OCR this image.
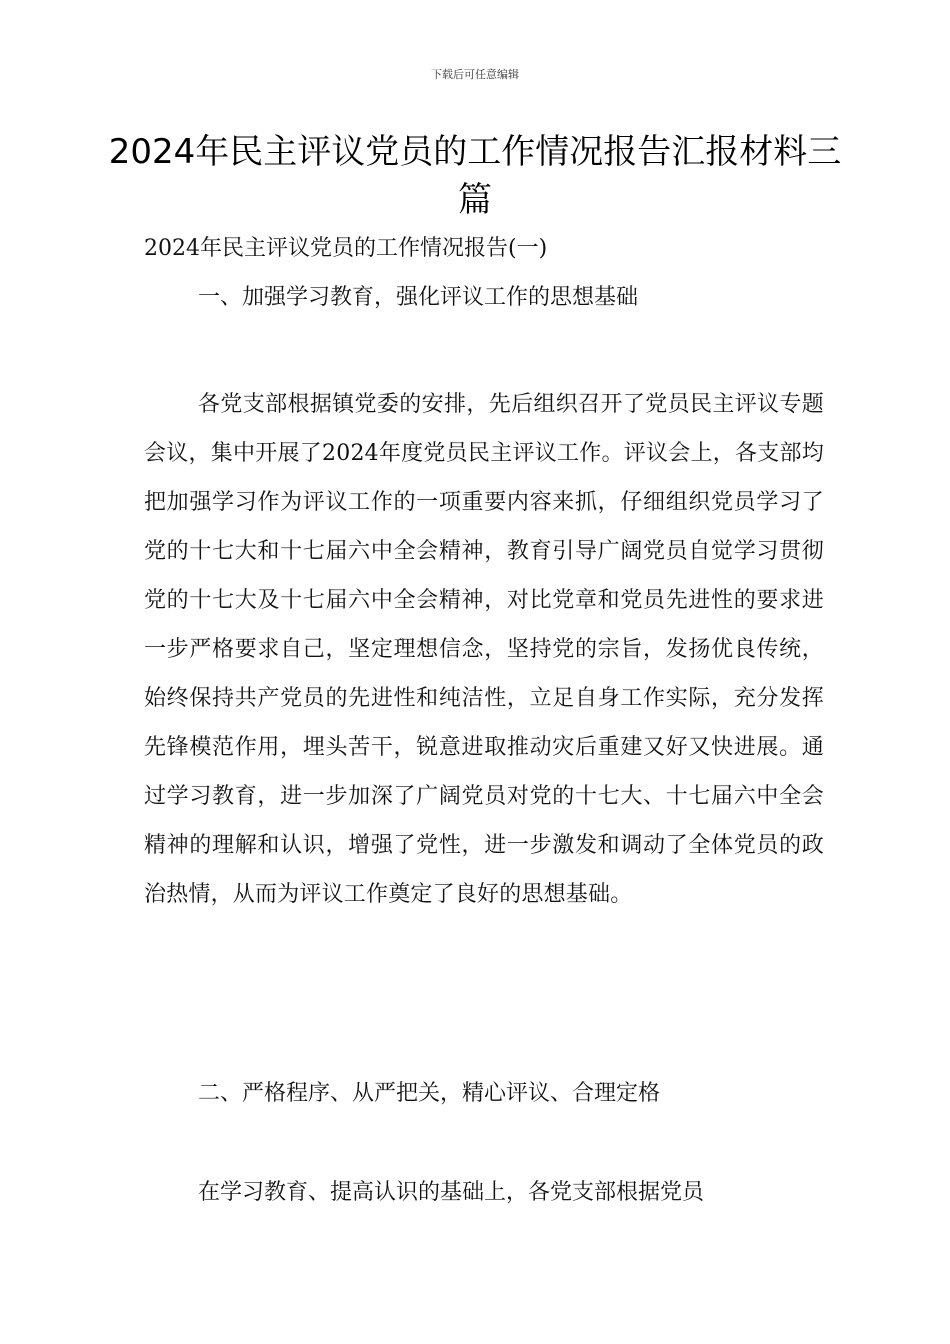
下载后可任意编辑
2024年民主评议党员的工作情况报告汇报材料三篇
2024年民主评议党员的工作情况报告(一)
一、加强学习教育，强化评议工作的思想基础

各党支部根据镇党委的安排，先后组织召开了党员民主评议专题会议，集中开展了2024年度党员民主评议工作。评议会上，各支部均把加强学习作为评议工作的一项重要内容来抓，仔细组织党员学习了党的十七大和十七届六中全会精神，教育引导广阔党员自觉学习贯彻党的十七大及十七届六中全会精神，对比党章和党员先进性的要求进一步严格要求自己，坚定理想信念，坚持党的宗旨，发扬优良传统，始终保持共产党员的先进性和纯洁性，立足自身工作实际，充分发挥先锋模范作用，埋头苦干，锐意进取推动灾后重建又好又快进展。通过学习教育，进一步加深了广阔党员对党的十七大、十七届六中全会精神的理解和认识，增强了党性，进一步激发和调动了全体党员的政治热情，从而为评议工作奠定了良好的思想基础。

二、严格程序、从严把关，精心评议、合理定格
在学习教育、提高认识的基础上，各党支部根据党员
